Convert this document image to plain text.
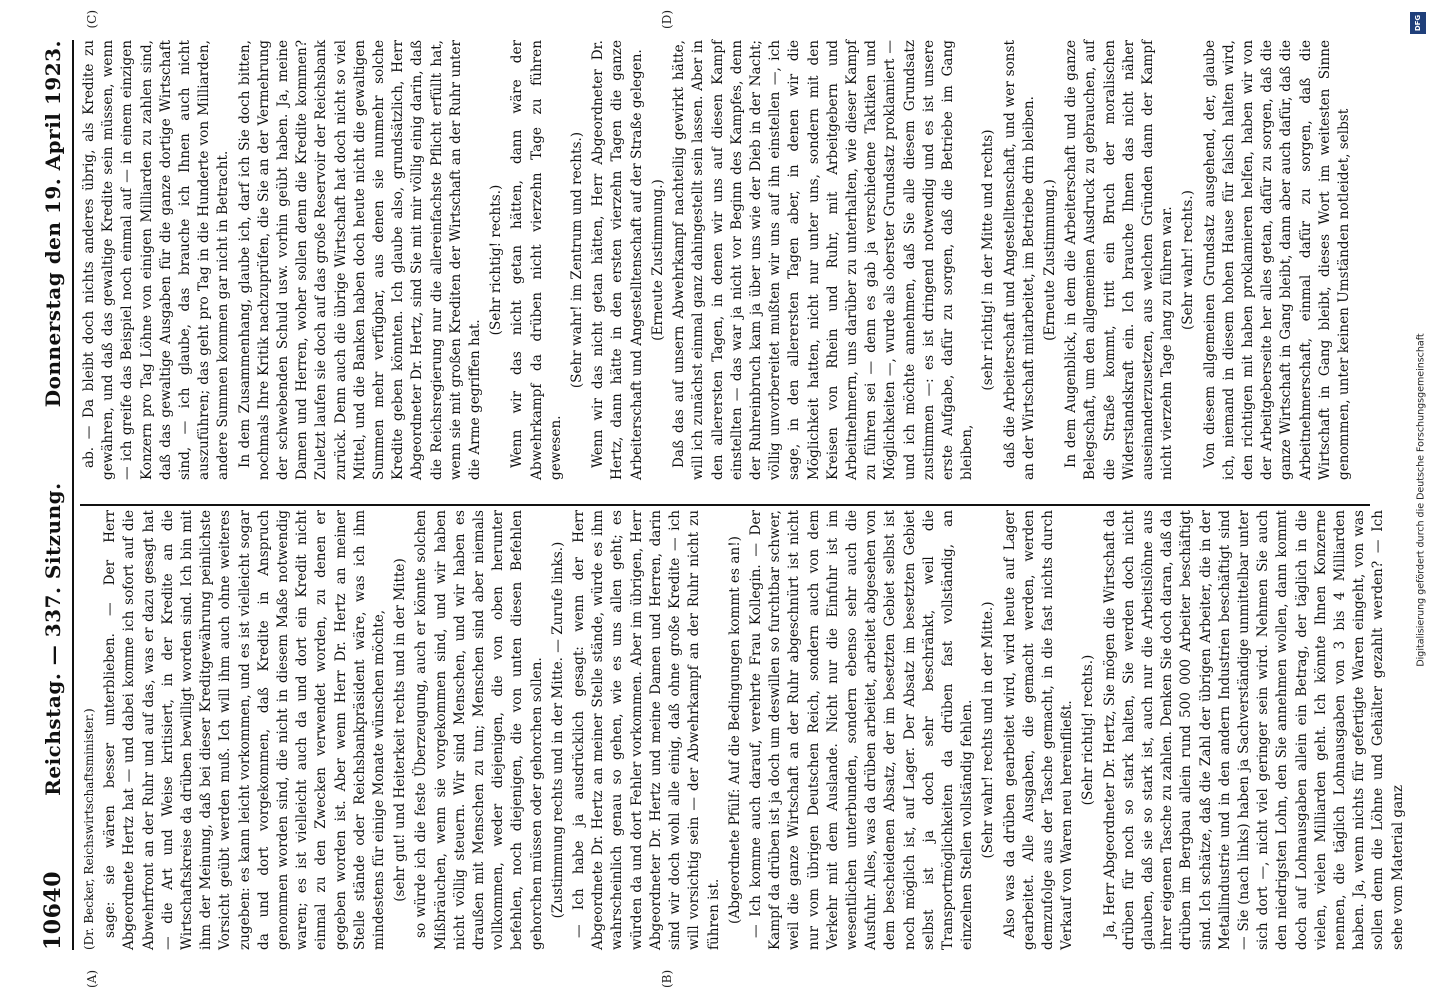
10640
Reichstag. — 337. Sitzung.
Donnerstag den 19. April 1923.
(A)	(B)
(C)	(D)
(Dr. Becker, Reichswirtschaftsminister.) sage: sie wären besser unterblieben. — Der Herr Abgeordnete Hertz hat — und dabei komme ich sofort auf die Abwehrfront an der Ruhr und auf das, was er dazu gesagt hat — die Art und Weise kritisiert, in der Kredite an die Wirtschaftskreise da drüben bewilligt worden sind. Ich bin mit ihm der Meinung, daß bei dieser Kreditgewährung peinlichste Vorsicht geübt werden muß. Ich will ihm auch ohne weiteres zugeben: es kann leicht vorkommen, und es ist vielleicht sogar da und dort vorgekommen, daß Kredite in Anspruch genommen worden sind, die nicht in diesem Maße notwendig waren; es ist vielleicht auch da und dort ein Kredit nicht einmal zu den Zwecken verwendet worden, zu denen er gegeben worden ist. Aber wenn Herr Dr. Hertz an meiner Stelle stände oder Reichsbankpräsident wäre, was ich ihm mindestens für einige Monate wünschen möchte, (sehr gut! und Heiterkeit rechts und in der Mitte) so würde ich die feste Überzeugung, auch er könnte solchen Mißbräuchen, wenn sie vorgekommen sind, und wir haben nicht völlig steuern. Wir sind Menschen, und wir haben es draußen mit Menschen zu tun; Menschen sind aber niemals vollkommen, weder diejenigen, die von oben herunter befehlen, noch diejenigen, die von unten diesen Befehlen gehorchen müssen oder gehorchen sollen. (Zustimmung rechts und in der Mitte. — Zurufe links.) — Ich habe ja ausdrücklich gesagt: wenn der Herr Abgeordnete Dr. Hertz an meiner Stelle stände, würde es ihm wahrscheinlich genau so gehen, wie es uns allen geht; es würden da und dort Fehler vorkommen. Aber im übrigen, Herr Abgeordneter Dr. Hertz und meine Damen und Herren, darin sind wir doch wohl alle einig, daß ohne große Kredite — ich will vorsichtig sein — der Abwehrkampf an der Ruhr nicht zu führen ist. (Abgeordnete Pfülf: Auf die Bedingungen kommt es an!) — Ich komme auch darauf, verehrte Frau Kollegin. — Der Kampf da drüben ist ja doch um deswillen so furchtbar schwer, weil die ganze Wirtschaft an der Ruhr abgeschnürt ist nicht nur vom übrigen Deutschen Reich, sondern auch von dem Verkehr mit dem Auslande. Nicht nur die Einfuhr ist im wesentlichen unterbunden, sondern ebenso sehr auch die Ausfuhr. Alles, was da drüben arbeitet, arbeitet abgesehen von dem bescheidenen Absatz, der im besetzten Gebiet selbst ist noch möglich ist, auf Lager. Der Absatz im besetzten Gebiet selbst ist ja doch sehr beschränkt, weil die Transportmöglichkeiten da drüben fast vollständig, an einzelnen Stellen vollständig fehlen. (Sehr wahr! rechts und in der Mitte.) Also was da drüben gearbeitet wird, wird heute auf Lager gearbeitet. Alle Ausgaben, die gemacht werden, werden demzufolge aus der Tasche gemacht, in die fast nichts durch Verkauf von Waren neu hereinfließt. (Sehr richtig! rechts.) Ja, Herr Abgeordneter Dr. Hertz, Sie mögen die Wirtschaft da drüben für noch so stark halten, Sie werden doch nicht glauben, daß sie so stark ist, auch nur die Arbeitslöhne aus ihrer eigenen Tasche zu zahlen. Denken Sie doch daran, daß da drüben im Bergbau allein rund 500 000 Arbeiter beschäftigt sind. Ich schätze, daß die Zahl der übrigen Arbeiter, die in der Metallindustrie und in den andern Industrien beschäftigt sind — Sie (nach links) haben ja Sachverständige unmittelbar unter sich dort —, nicht viel geringer sein wird. Nehmen Sie auch den niedrigsten Lohn, den Sie annehmen wollen, dann kommt doch auf Lohnausgaben allein ein Betrag, der täglich in die vielen, vielen Milliarden geht. Ich könnte Ihnen Konzerne nennen, die täglich Lohnausgaben von 3 bis 4 Milliarden haben. Ja, wenn nichts für gefertigte Waren eingeht, von was sollen denn die Löhne und Gehälter gezahlt werden? — Ich sehe vom Material ganz

ab. — Da bleibt doch nichts anderes übrig, als Kredite zu gewähren, und daß das gewaltige Kredite sein müssen, wenn — ich greife das Beispiel noch einmal auf — in einem einzigen Konzern pro Tag Löhne von einigen Milliarden zu zahlen sind, daß das gewaltige Ausgaben für die ganze dortige Wirtschaft sind, — ich glaube, das brauche ich Ihnen auch nicht auszuführen; das geht pro Tag in die Hunderte von Milliarden, andere Summen kommen gar nicht in Betracht. In dem Zusammenhang, glaube ich, darf ich Sie doch bitten, nochmals Ihre Kritik nachzuprüfen, die Sie an der Vermehrung der schwebenden Schuld usw. vorhin geübt haben. Ja, meine Damen und Herren, woher sollen denn die Kredite kommen? Zuletzt laufen sie doch auf das große Reservoir der Reichsbank zurück. Denn auch die übrige Wirtschaft hat doch nicht so viel Mittel, und die Banken haben doch heute nicht die gewaltigen Summen mehr verfügbar, aus denen sie nunmehr solche Kredite geben könnten. Ich glaube also, grundsätzlich, Herr Abgeordneter Dr. Hertz, sind Sie mit mir völlig einig darin, daß die Reichsregierung nur die allereinfachste Pflicht erfüllt hat, wenn sie mit großen Krediten der Wirtschaft an der Ruhr unter die Arme gegriffen hat.

(Sehr richtig! rechts.) Wenn wir das nicht getan hätten, dann wäre der Abwehrkampf da drüben nicht vierzehn Tage zu führen gewesen.

(Sehr wahr! im Zentrum und rechts.) Wenn wir das nicht getan hätten, Herr Abgeordneter Dr. Hertz, dann hätte in den ersten vierzehn Tagen die ganze Arbeiterschaft und Angestelltenschaft auf der Straße gelegen. (Erneute Zustimmung.) Daß das auf unsern Abwehrkampf nachteilig gewirkt hätte, will ich zunächst einmal ganz dahingestellt sein lassen. Aber in den allerersten Tagen, in denen wir uns auf diesen Kampf einstellten — das war ja nicht vor Beginn des Kampfes, denn der Ruhreinbruch kam ja über uns wie der Dieb in der Nacht; völlig unvorbereitet mußten wir uns auf ihn einstellen —, ich sage, in den allerersten Tagen aber, in denen wir die Möglichkeit hatten, nicht nur unter uns, sondern mit den Kreisen von Rhein und Ruhr, mit Arbeitgebern und Arbeitnehmern, uns darüber zu unterhalten, wie dieser Kampf zu führen sei — denn es gab ja verschiedene Taktiken und Möglichkeiten —, wurde als oberster Grundsatz proklamiert — und ich möchte annehmen, daß Sie alle diesem Grundsatz zustimmen —: es ist dringend notwendig und es ist unsere erste Aufgabe, dafür zu sorgen, daß die Betriebe im Gang bleiben,

(sehr richtig! in der Mitte und rechts) daß die Arbeiterschaft und Angestelltenschaft, und wer sonst an der Wirtschaft mitarbeitet, im Betriebe drin bleiben. (Erneute Zustimmung.) In dem Augenblick, in dem die Arbeiterschaft und die ganze Belegschaft, um den allgemeinen Ausdruck zu gebrauchen, auf die Straße kommt, tritt ein Bruch der moralischen Widerstandskraft ein. Ich brauche Ihnen das nicht näher auseinanderzusetzen, aus welchen Gründen dann der Kampf nicht vierzehn Tage lang zu führen war. (Sehr wahr! rechts.) Von diesem allgemeinen Grundsatz ausgehend, der, glaube ich, niemand in diesem hohen Hause für falsch halten wird, den richtigen mit haben proklamieren helfen, haben wir von der Arbeitgeberseite her alles getan, dafür zu sorgen, daß die ganze Wirtschaft in Gang bleibt, dann aber auch dafür, daß die Arbeitnehmerschaft, einmal dafür zu sorgen, daß die Wirtschaft in Gang bleibt, dieses Wort im weitesten Sinne genommen, unter keinen Umständen notleidet, selbst

Digitalisierung gefördert durch die Deutsche Forschungsgemeinschaft
DFG
